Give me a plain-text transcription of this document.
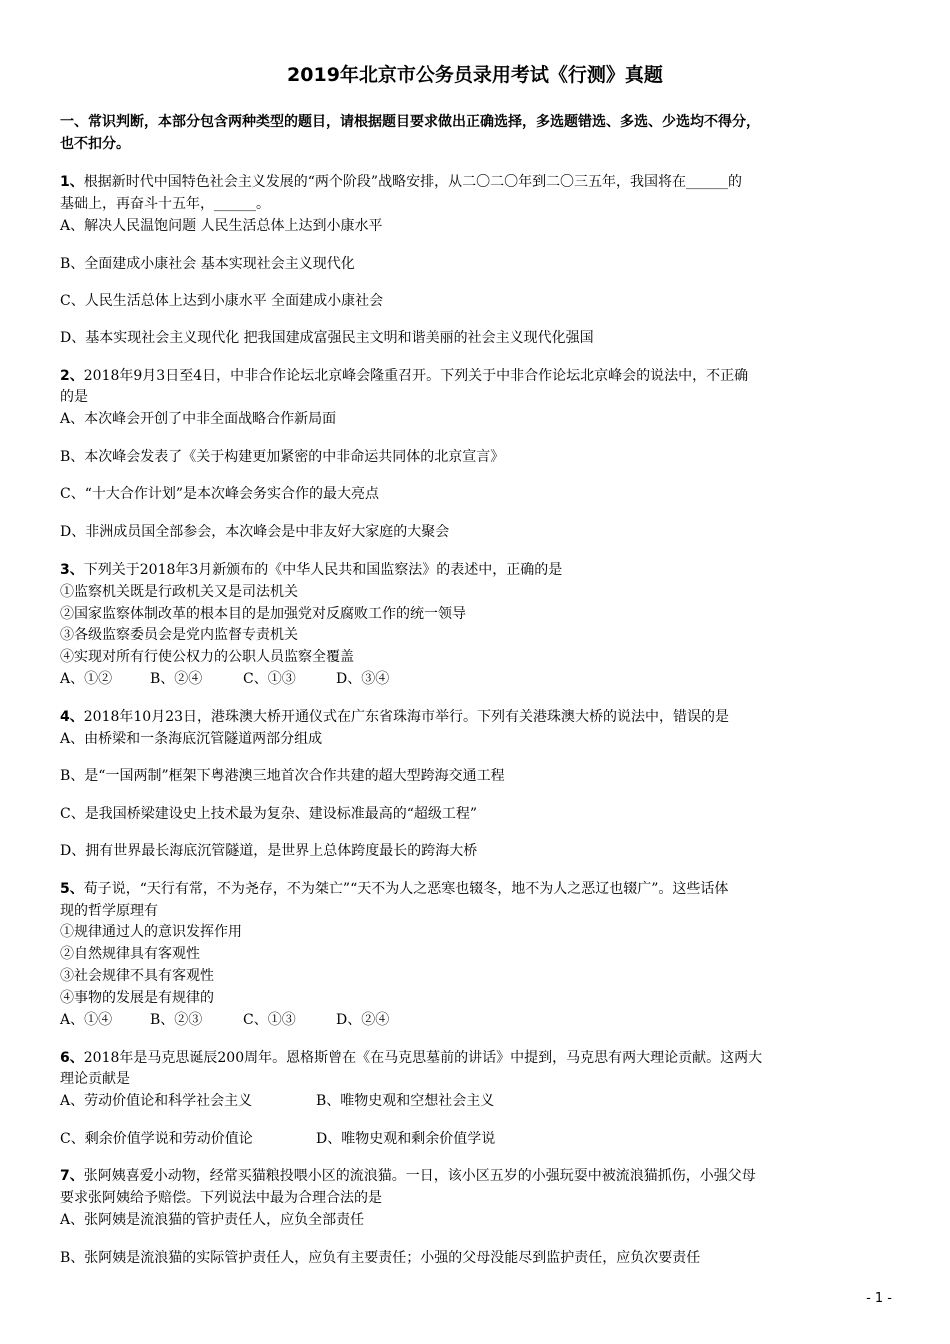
2019年北京市公务员录用考试《行测》真题
一、常识判断，本部分包含两种类型的题目，请根据题目要求做出正确选择，多选题错选、多选、少选均不得分，
也不扣分。
1、根据新时代中国特色社会主义发展的“两个阶段”战略安排，从二〇二〇年到二〇三五年，我国将在______的
基础上，再奋斗十五年，______。
A、解决人民温饱问题 人民生活总体上达到小康水平
B、全面建成小康社会 基本实现社会主义现代化
C、人民生活总体上达到小康水平 全面建成小康社会
D、基本实现社会主义现代化 把我国建成富强民主文明和谐美丽的社会主义现代化强国
2、2018年9月3日至4日，中非合作论坛北京峰会隆重召开。下列关于中非合作论坛北京峰会的说法中，不正确
的是
A、本次峰会开创了中非全面战略合作新局面
B、本次峰会发表了《关于构建更加紧密的中非命运共同体的北京宣言》
C、“十大合作计划”是本次峰会务实合作的最大亮点
D、非洲成员国全部参会，本次峰会是中非友好大家庭的大聚会
3、下列关于2018年3月新颁布的《中华人民共和国监察法》的表述中，正确的是
①监察机关既是行政机关又是司法机关
②国家监察体制改革的根本目的是加强党对反腐败工作的统一领导
③各级监察委员会是党内监督专责机关
④实现对所有行使公权力的公职人员监察全覆盖
A、①②	B、②④	C、①③	D、③④
4、2018年10月23日，港珠澳大桥开通仪式在广东省珠海市举行。下列有关港珠澳大桥的说法中，错误的是
A、由桥梁和一条海底沉管隧道两部分组成
B、是“一国两制”框架下粤港澳三地首次合作共建的超大型跨海交通工程
C、是我国桥梁建设史上技术最为复杂、建设标准最高的“超级工程”
D、拥有世界最长海底沉管隧道，是世界上总体跨度最长的跨海大桥
5、荀子说，“天行有常，不为尧存，不为桀亡”“天不为人之恶寒也辍冬，地不为人之恶辽也辍广”。这些话体
现的哲学原理有
①规律通过人的意识发挥作用
②自然规律具有客观性
③社会规律不具有客观性
④事物的发展是有规律的
A、①④	B、②③	C、①③	D、②④
6、2018年是马克思诞辰200周年。恩格斯曾在《在马克思墓前的讲话》中提到，马克思有两大理论贡献。这两大
理论贡献是
A、劳动价值论和科学社会主义	B、唯物史观和空想社会主义
C、剩余价值学说和劳动价值论	D、唯物史观和剩余价值学说
7、张阿姨喜爱小动物，经常买猫粮投喂小区的流浪猫。一日，该小区五岁的小强玩耍中被流浪猫抓伤，小强父母
要求张阿姨给予赔偿。下列说法中最为合理合法的是
A、张阿姨是流浪猫的管护责任人，应负全部责任
B、张阿姨是流浪猫的实际管护责任人，应负有主要责任；小强的父母没能尽到监护责任，应负次要责任
- 1 -
